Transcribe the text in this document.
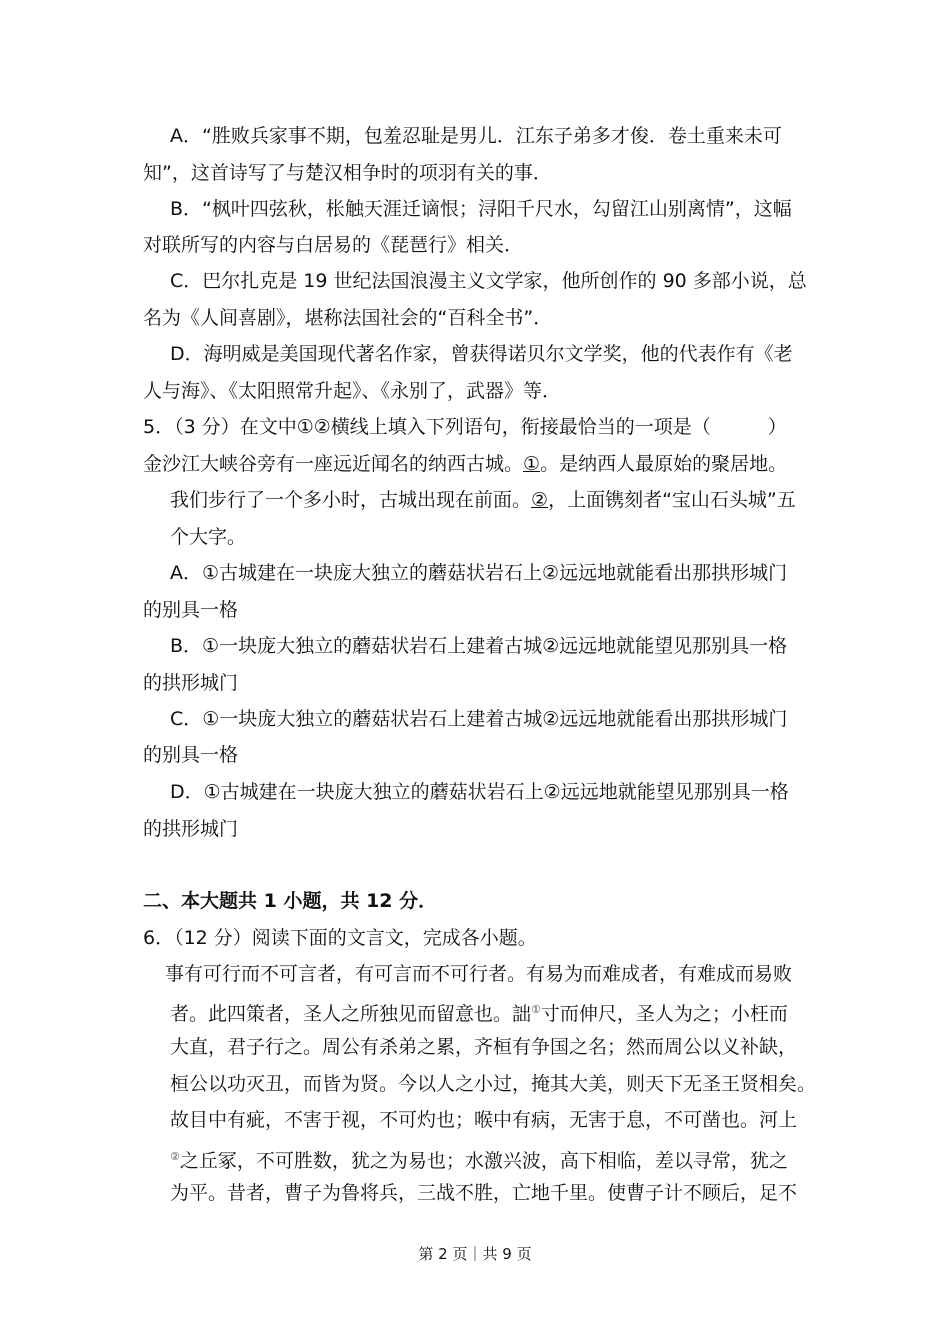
A．“胜败兵家事不期，包羞忍耻是男儿．江东子弟多才俊．卷土重来未可
知”，这首诗写了与楚汉相争时的项羽有关的事．
B．“枫叶四弦秋，枨触天涯迁谪恨；浔阳千尺水，勾留江山别离情”，这幅
对联所写的内容与白居易的《琵琶行》相关．
C．巴尔扎克是 19 世纪法国浪漫主义文学家，他所创作的 90 多部小说，总
名为《人间喜剧》，堪称法国社会的“百科全书”．
D．海明威是美国现代著名作家，曾获得诺贝尔文学奖，他的代表作有《老
人与海》、《太阳照常升起》、《永别了，武器》等．
5．（3 分）在文中①②横线上填入下列语句，衔接最恰当的一项是（　　　）
金沙江大峡谷旁有一座远近闻名的纳西古城。①。是纳西人最原始的聚居地。
我们步行了一个多小时，古城出现在前面。②，上面镌刻者“宝山石头城”五
个大字。
A．①古城建在一块庞大独立的蘑菇状岩石上②远远地就能看出那拱形城门
的别具一格
B．①一块庞大独立的蘑菇状岩石上建着古城②远远地就能望见那别具一格
的拱形城门
C．①一块庞大独立的蘑菇状岩石上建着古城②远远地就能看出那拱形城门
的别具一格
D．①古城建在一块庞大独立的蘑菇状岩石上②远远地就能望见那别具一格
的拱形城门
二、本大题共 1 小题，共 12 分．
6．（12 分）阅读下面的文言文，完成各小题。
事有可行而不可言者，有可言而不可行者。有易为而难成者，有难成而易败
者。此四策者，圣人之所独见而留意也。詘①寸而伸尺，圣人为之；小枉而
大直，君子行之。周公有杀弟之累，齐桓有争国之名；然而周公以义补缺，
桓公以功灭丑，而皆为贤。今以人之小过，掩其大美，则天下无圣王贤相矣。
故目中有疵，不害于视，不可灼也；喉中有病，无害于息，不可凿也。河上
②之丘冢，不可胜数，犹之为易也；水激兴波，高下相临，差以寻常，犹之
为平。昔者，曹子为鲁将兵，三战不胜，亡地千里。使曹子计不顾后，足不
第 2 页｜共 9 页
